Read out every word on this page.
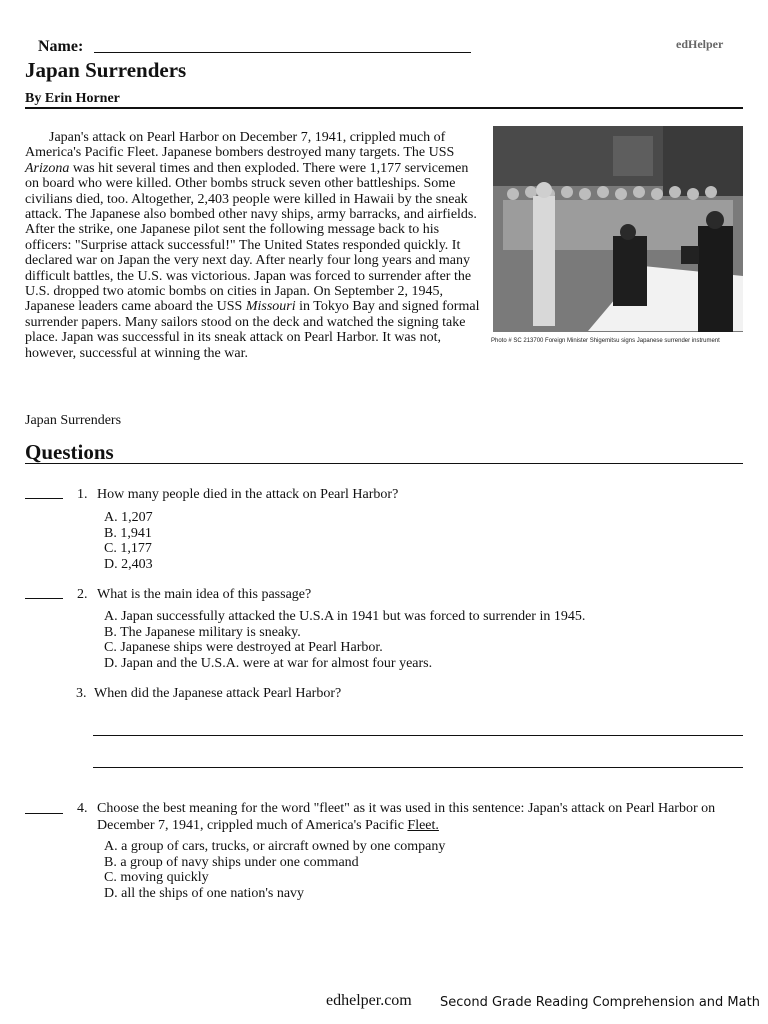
Name:	edHelper
Japan Surrenders
By Erin Horner
Photo # SC 213700 Foreign Minister Shigemitsu signs Japanese surrender instrument
Japan's attack on Pearl Harbor on December 7, 1941, crippled much of America's Pacific Fleet. Japanese bombers destroyed many targets. The USS Arizona was hit several times and then exploded. There were 1,177 servicemen on board who were killed. Other bombs struck seven other battleships. Some civilians died, too. Altogether, 2,403 people were killed in Hawaii by the sneak attack. The Japanese also bombed other navy ships, army barracks, and airfields. After the strike, one Japanese pilot sent the following message back to his officers: "Surprise attack successful!" The United States responded quickly. It declared war on Japan the very next day. After nearly four long years and many difficult battles, the U.S. was victorious. Japan was forced to surrender after the U.S. dropped two atomic bombs on cities in Japan. On September 2, 1945, Japanese leaders came aboard the USS Missouri in Tokyo Bay and signed formal surrender papers. Many sailors stood on the deck and watched the signing take place. Japan was successful in its sneak attack on Pearl Harbor. It was not, however, successful at winning the war.
Japan Surrenders
Questions
1. How many people died in the attack on Pearl Harbor?
A. 1,207
B. 1,941
C. 1,177
D. 2,403
2. What is the main idea of this passage?
A. Japan successfully attacked the U.S.A in 1941 but was forced to surrender in 1945.
B. The Japanese military is sneaky.
C. Japanese ships were destroyed at Pearl Harbor.
D. Japan and the U.S.A. were at war for almost four years.
3. When did the Japanese attack Pearl Harbor?
4. Choose the best meaning for the word "fleet" as it was used in this sentence: Japan's attack on Pearl Harbor on December 7, 1941, crippled much of America's Pacific Fleet.
A. a group of cars, trucks, or aircraft owned by one company
B. a group of navy ships under one command
C. moving quickly
D. all the ships of one nation's navy
edhelper.com Second Grade Reading Comprehension and Math
